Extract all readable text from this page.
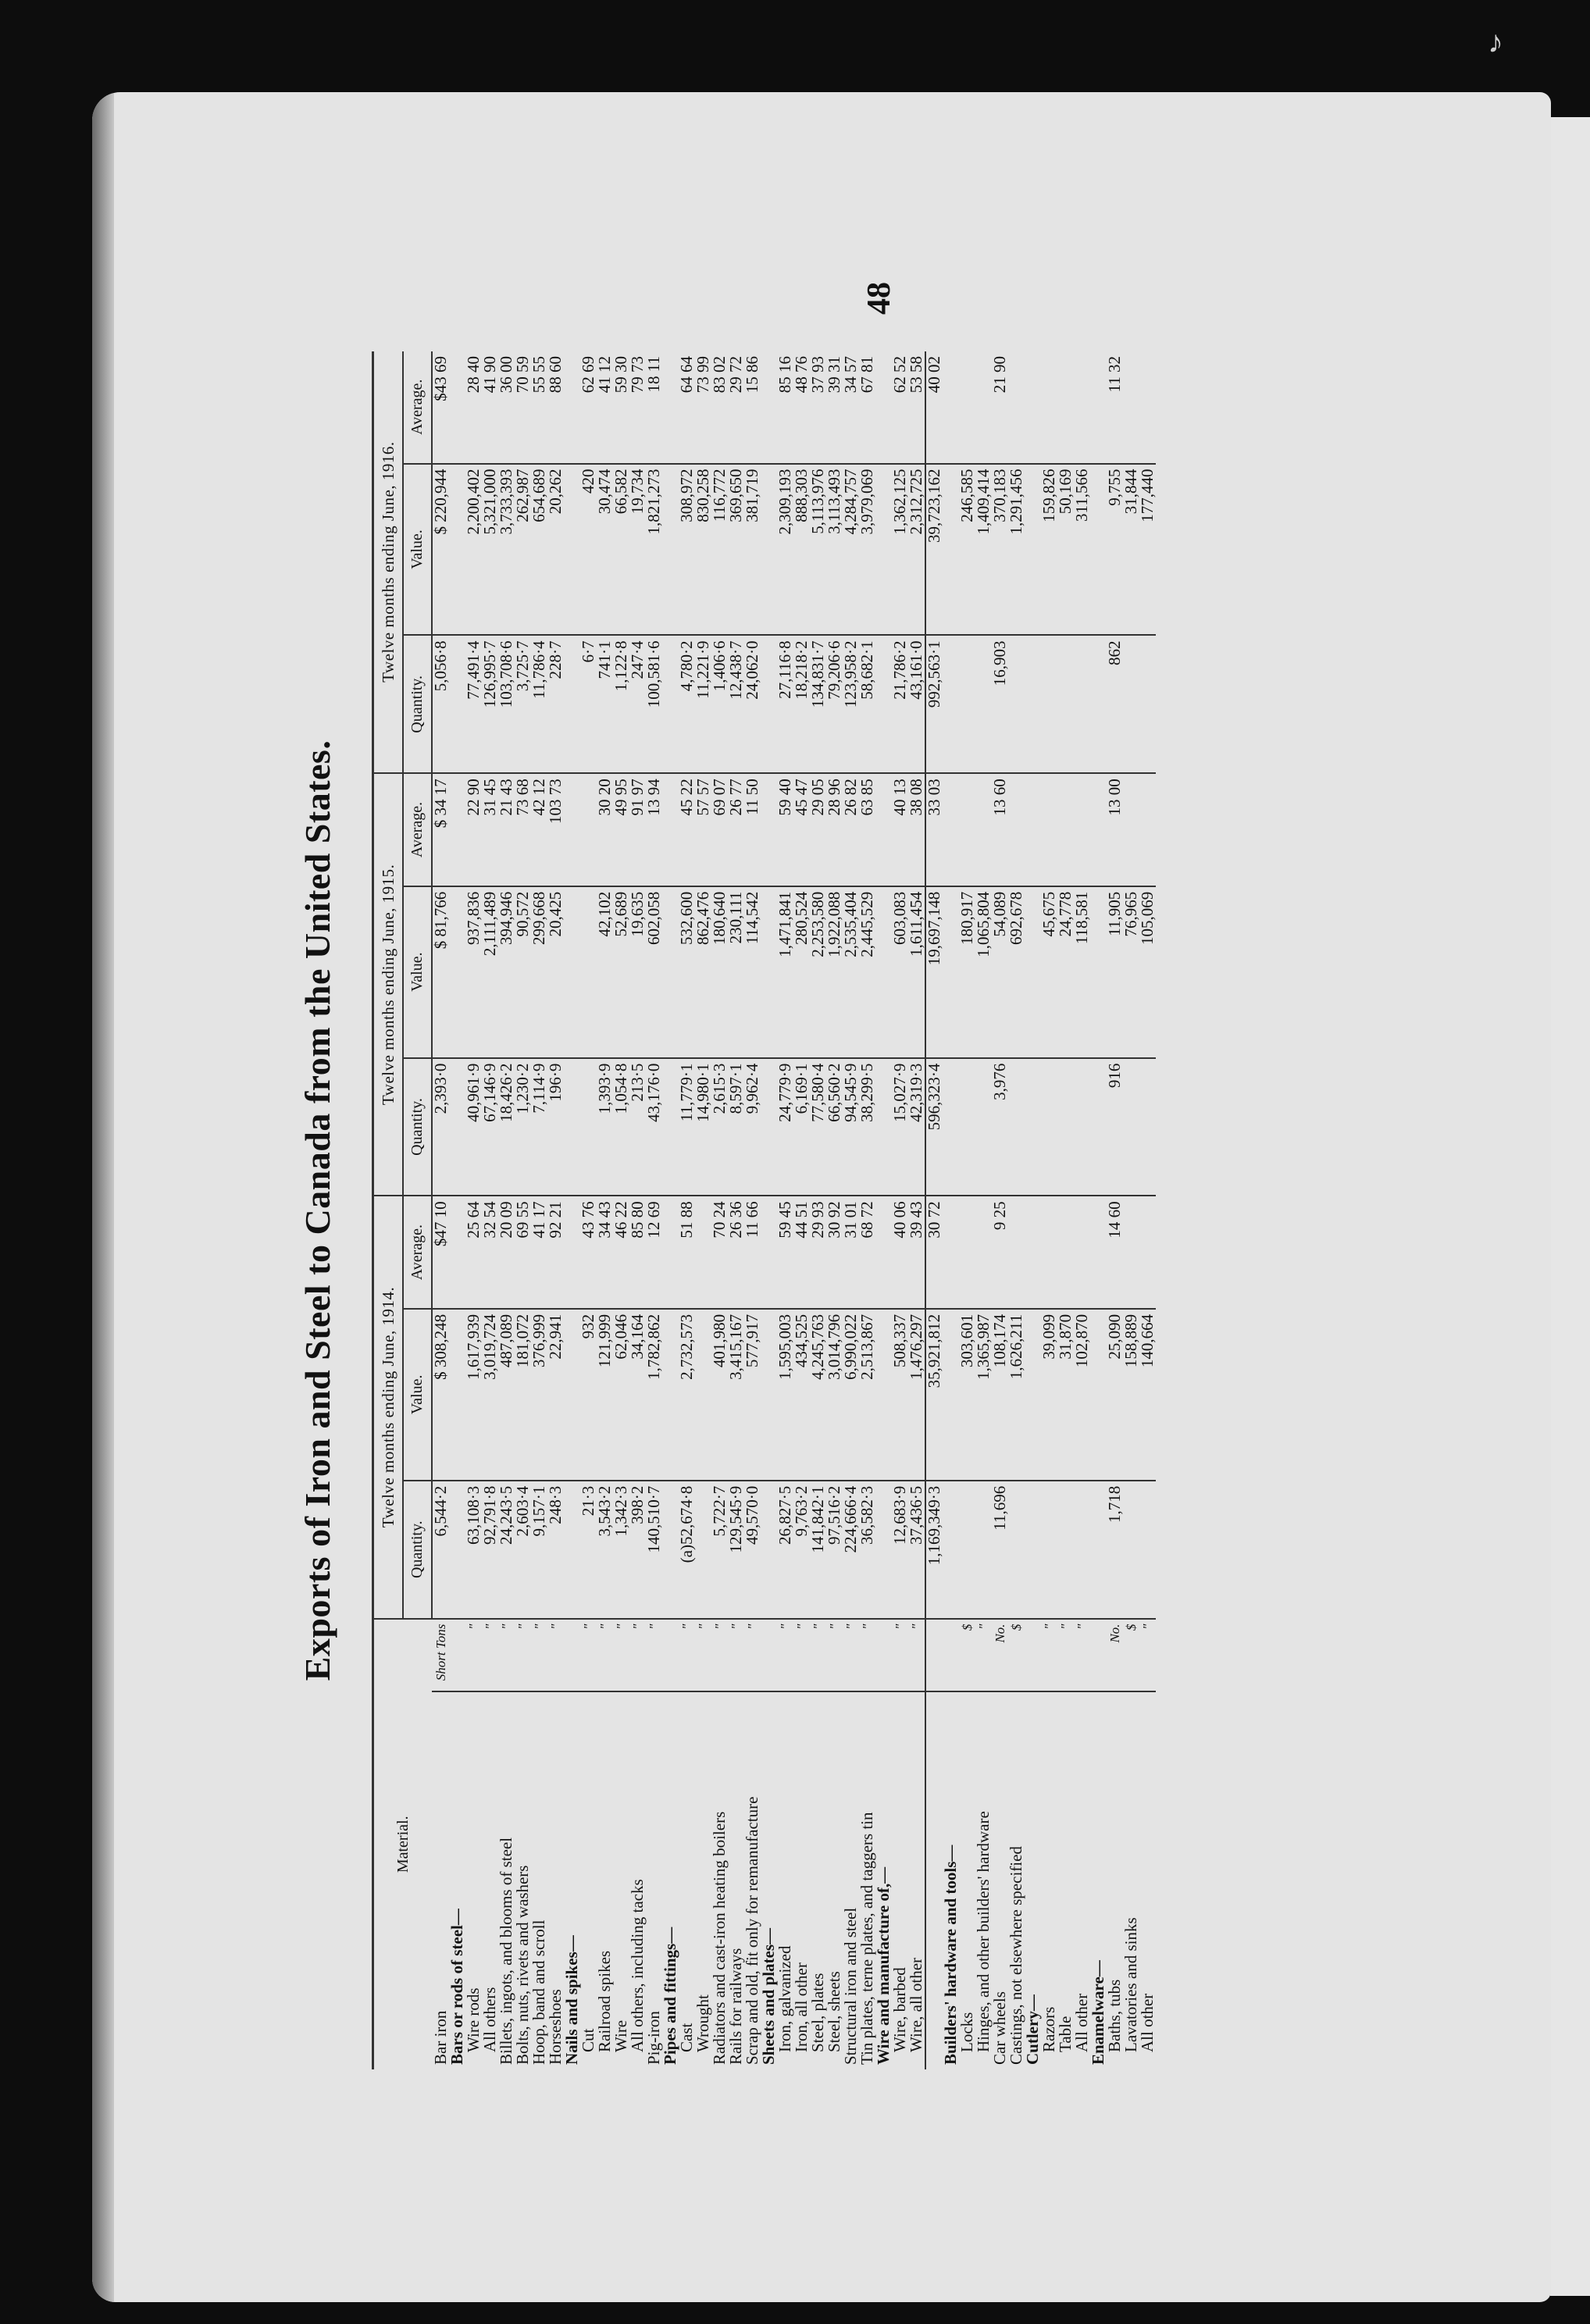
♪
48
Exports of Iron and Steel to Canada from the United States.
Material.		Twelve months ending June, 1914.			Twelve months ending June, 1915.			Twelve months ending June, 1916.		
		Quantity.	Value.	Average.	Quantity.	Value.	Average.	Quantity.	Value.	Average.
Bar iron	Short Tons	6,544·2	$ 308,248	$47 10	2,393·0	$ 81,766	$ 34 17	5,056·8	$ 220,944	$43 69
Bars or rods of steel—										
Wire rods	"	63,108·3	1,617,939	25 64	40,961·9	937,836	22 90	77,491·4	2,200,402	28 40
All others	"	92,791·8	3,019,724	32 54	67,146·9	2,111,489	31 45	126,995·7	5,321,000	41 90
Billets, ingots, and blooms of steel	"	24,243·5	487,089	20 09	18,426·2	394,946	21 43	103,708·6	3,733,393	36 00
Bolts, nuts, rivets and washers	"	2,603·4	181,072	69 55	1,230·2	90,572	73 68	3,725·7	262,987	70 59
Hoop, band and scroll	"	9,157·1	376,999	41 17	7,114·9	299,668	42 12	11,786·4	654,689	55 55
Horseshoes	"	248·3	22,941	92 21	196·9	20,425	103 73	228·7	20,262	88 60
Nails and spikes—										
Cut	"	21·3	932	43 76				6·7	420	62 69
Railroad spikes	"	3,543·2	121,999	34 43	1,393·9	42,102	30 20	741·1	30,474	41 12
Wire	"	1,342·3	62,046	46 22	1,054·8	52,689	49 95	1,122·8	66,582	59 30
All others, including tacks	"	398·2	34,164	85 80	213·5	19,635	91 97	247·4	19,734	79 73
Pig-iron	"	140,510·7	1,782,862	12 69	43,176·0	602,058	13 94	100,581·6	1,821,273	18 11
Pipes and fittings—										
Cast	"	(a)52,674·8	2,732,573	51 88	11,779·1	532,600	45 22	4,780·2	308,972	64 64
Wrought	"				14,980·1	862,476	57 57	11,221·9	830,258	73 99
Radiators and cast-iron heating boilers	"	5,722·7	401,980	70 24	2,615·3	180,640	69 07	1,406·6	116,772	83 02
Rails for railways	"	129,545·9	3,415,167	26 36	8,597·1	230,111	26 77	12,438·7	369,650	29 72
Scrap and old, fit only for remanufacture	"	49,570·0	577,917	11 66	9,962·4	114,542	11 50	24,062·0	381,719	15 86
Sheets and plates—										
Iron, galvanized	"	26,827·5	1,595,003	59 45	24,779·9	1,471,841	59 40	27,116·8	2,309,193	85 16
Iron, all other	"	9,763·2	434,525	44 51	6,169·1	280,524	45 47	18,218·2	888,303	48 76
Steel, plates	"	141,842·1	4,245,763	29 93	77,580·4	2,253,580	29 05	134,831·7	5,113,976	37 93
Steel, sheets	"	97,516·2	3,014,796	30 92	66,560·2	1,922,088	28 96	79,206·6	3,113,493	39 31
Structural iron and steel	"	224,666·4	6,990,022	31 01	94,545·9	2,535,404	26 82	123,958·2	4,284,757	34 57
Tin plates, terne plates, and taggers tin	"	36,582·3	2,513,867	68 72	38,299·5	2,445,529	63 85	58,682·1	3,979,069	67 81
Wire and manufacture of,—										
Wire, barbed	"	12,683·9	508,337	40 06	15,027·9	603,083	40 13	21,786·2	1,362,125	62 52
Wire, all other	"	37,436·5	1,476,297	39 43	42,319·3	1,611,454	38 08	43,161·0	2,312,725	53 58
		1,169,349·3	35,921,812	30 72	596,323·4	19,697,148	33 03	992,563·1	39,723,162	40 02
Builders' hardware and tools—										
Locks	$		303,601			180,917			246,585	
Hinges, and other builders' hardware	"		1,365,987			1,065,804			1,409,414	
Car wheels	No.	11,696	108,174	9 25	3,976	54,089	13 60	16,903	370,183	21 90
Castings, not elsewhere specified	$		1,626,211			692,678			1,291,456	
Cutlery—										
Razors	"		39,099			45,675			159,826	
Table	"		31,870			24,778			50,169	
All other	"		102,870			118,581			311,566	
Enamelware—										
Baths, tubs	No.	1,718	25,090	14 60	916	11,905	13 00	862	9,755	11 32
Lavatories and sinks	$		158,889			76,965			31,844	
All other	"		140,664			105,069			177,440	
